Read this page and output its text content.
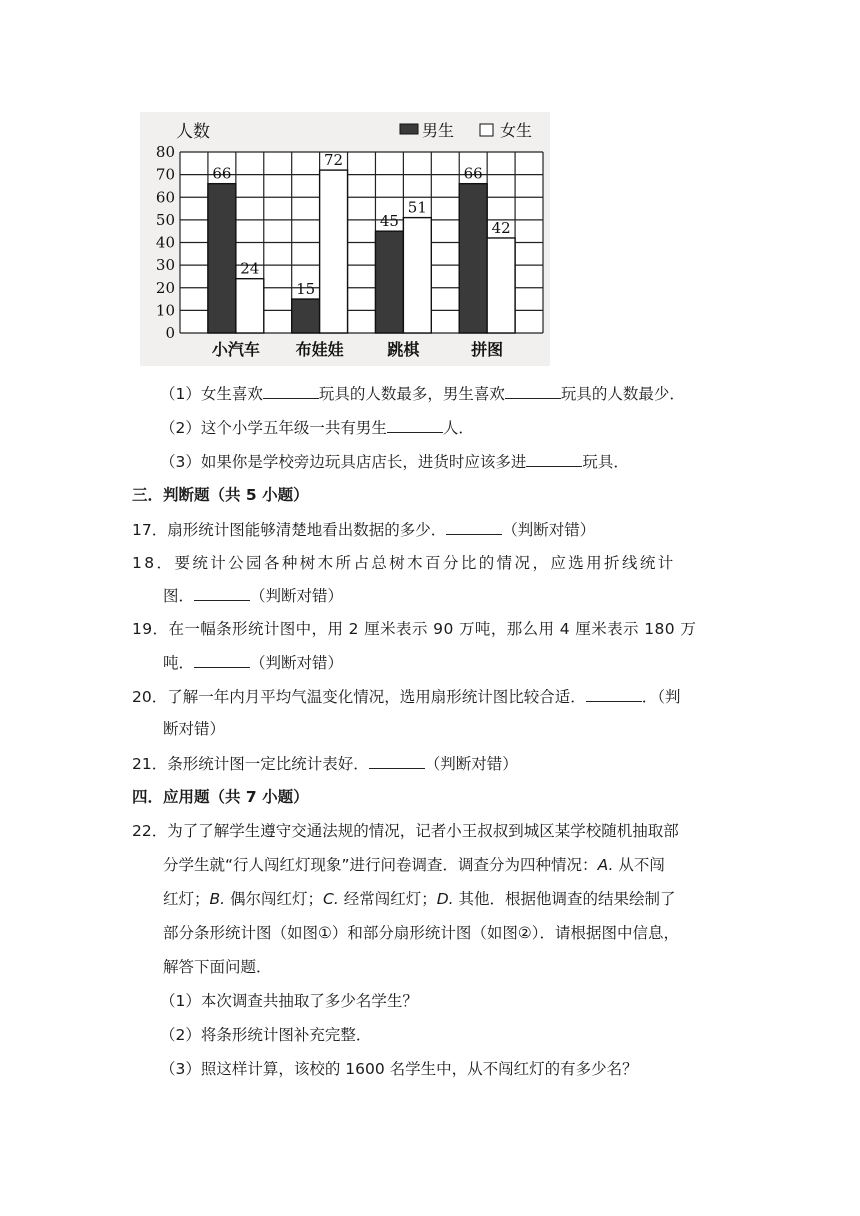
0
10
20
30
40
50
60
70
80
人数
66
24
小汽车
15
72
布娃娃
45
51
跳棋
66
42
拼图
男生	女生
（1）女生喜欢	玩具的人数最多，男生喜欢	玩具的人数最少．
（2）这个小学五年级一共有男生	人．
（3）如果你是学校旁边玩具店店长，进货时应该多进	玩具．
三．判断题（共 5 小题）
17．扇形统计图能够清楚地看出数据的多少．	（判断对错）
18．要统计公园各种树木所占总树木百分比的情况，应选用折线统计
图．	（判断对错）
19．在一幅条形统计图中，用 2 厘米表示 90 万吨，那么用 4 厘米表示 180 万
吨．	（判断对错）
20．了解一年内月平均气温变化情况，选用扇形统计图比较合适．	．（判
断对错）
21．条形统计图一定比统计表好．	（判断对错）
四．应用题（共 7 小题）
22．为了了解学生遵守交通法规的情况，记者小王叔叔到城区某学校随机抽取部
分学生就“行人闯红灯现象”进行问卷调查．调查分为四种情况：A. 从不闯
红灯；B. 偶尔闯红灯；C. 经常闯红灯；D. 其他．根据他调查的结果绘制了
部分条形统计图（如图①）和部分扇形统计图（如图②）．请根据图中信息，
解答下面问题．
（1）本次调查共抽取了多少名学生？
（2）将条形统计图补充完整．
（3）照这样计算，该校的 1600 名学生中，从不闯红灯的有多少名？
